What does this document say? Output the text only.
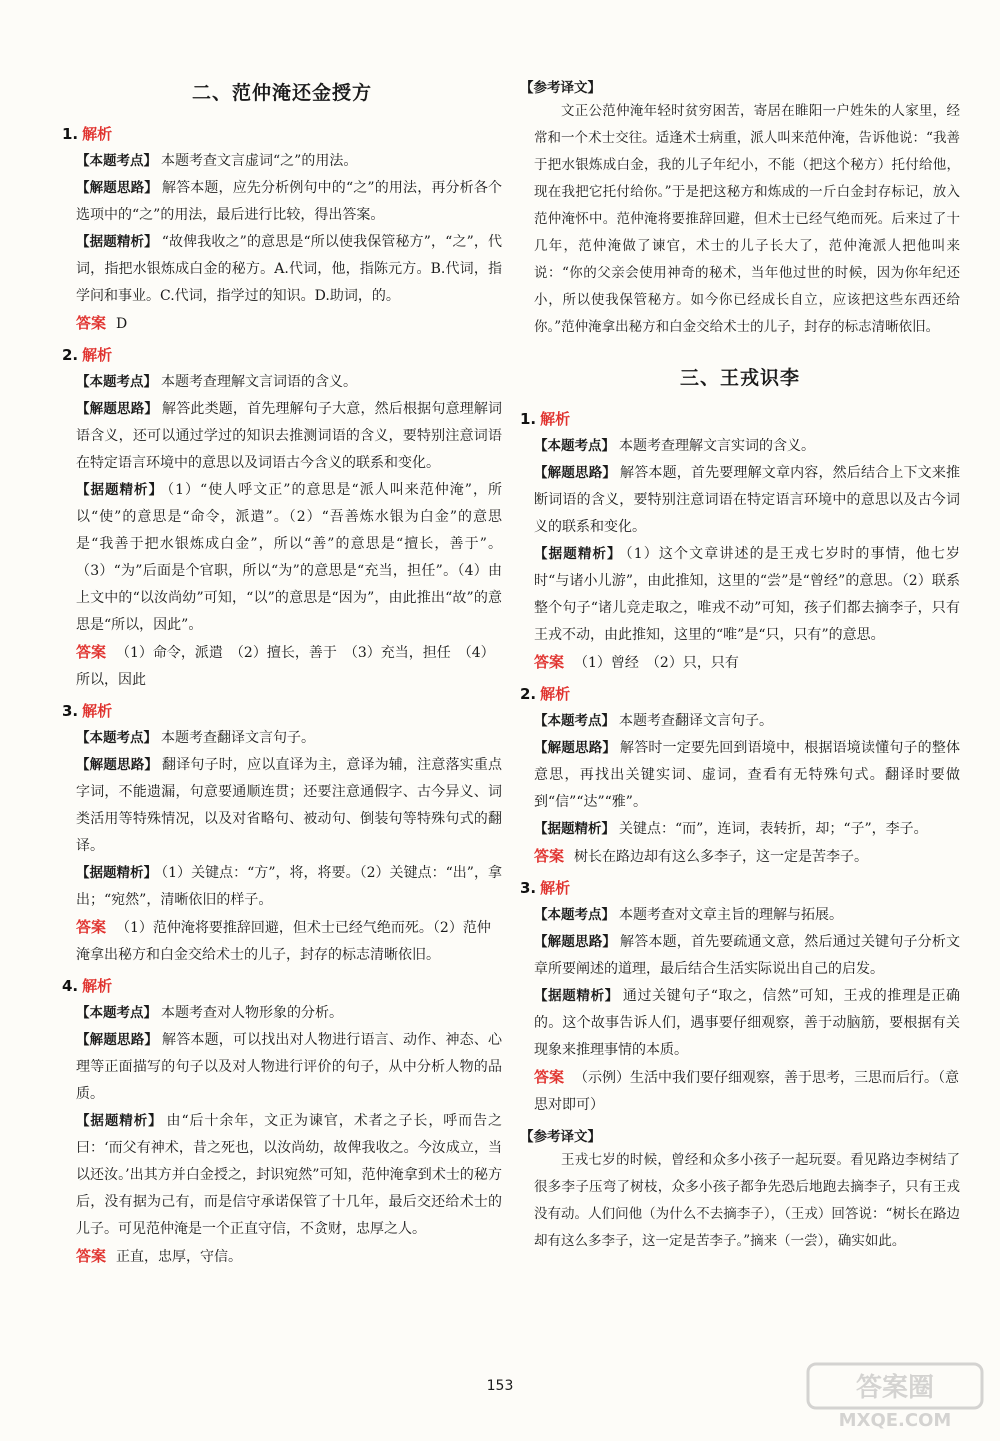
二、范仲淹还金授方
1. 解析
【本题考点】 本题考查文言虚词“之”的用法。
【解题思路】 解答本题，应先分析例句中的“之”的用法，再分析各个选项中的“之”的用法，最后进行比较，得出答案。
【据题精析】 “故俾我收之”的意思是“所以使我保管秘方”，“之”，代词，指把水银炼成白金的秘方。A.代词，他，指陈元方。B.代词，指学问和事业。C.代词，指学过的知识。D.助词，的。
答案 D
2. 解析
【本题考点】 本题考查理解文言词语的含义。
【解题思路】 解答此类题，首先理解句子大意，然后根据句意理解词语含义，还可以通过学过的知识去推测词语的含义，要特别注意词语在特定语言环境中的意思以及词语古今含义的联系和变化。
【据题精析】 （1）“使人呼文正”的意思是“派人叫来范仲淹”，所以“使”的意思是“命令，派遣”。（2）“吾善炼水银为白金”的意思是“我善于把水银炼成白金”，所以“善”的意思是“擅长，善于”。（3）“为”后面是个官职，所以“为”的意思是“充当，担任”。（4）由上文中的“以汝尚幼”可知，“以”的意思是“因为”，由此推出“故”的意思是“所以，因此”。
答案 （1）命令，派遣　（2）擅长，善于　（3）充当，担任　（4）所以，因此
3. 解析
【本题考点】 本题考查翻译文言句子。
【解题思路】 翻译句子时，应以直译为主，意译为辅，注意落实重点字词，不能遗漏，句意要通顺连贯；还要注意通假字、古今异义、词类活用等特殊情况，以及对省略句、被动句、倒装句等特殊句式的翻译。
【据题精析】 （1）关键点：“方”，将，将要。（2）关键点：“出”，拿出；“宛然”，清晰依旧的样子。
答案 （1）范仲淹将要推辞回避，但术士已经气绝而死。（2）范仲淹拿出秘方和白金交给术士的儿子，封存的标志清晰依旧。
4. 解析
【本题考点】 本题考查对人物形象的分析。
【解题思路】 解答本题，可以找出对人物进行语言、动作、神态、心理等正面描写的句子以及对人物进行评价的句子，从中分析人物的品质。
【据题精析】 由“后十余年，文正为谏官，术者之子长，呼而告之曰：‘而父有神术，昔之死也，以汝尚幼，故俾我收之。今汝成立，当以还汝。’出其方并白金授之，封识宛然”可知，范仲淹拿到术士的秘方后，没有据为己有，而是信守承诺保管了十几年，最后交还给术士的儿子。可见范仲淹是一个正直守信，不贪财，忠厚之人。
答案 正直，忠厚，守信。
【参考译文】
文正公范仲淹年轻时贫穷困苦，寄居在睢阳一户姓朱的人家里，经常和一个术士交往。适逢术士病重，派人叫来范仲淹，告诉他说：“我善于把水银炼成白金，我的儿子年纪小，不能（把这个秘方）托付给他，现在我把它托付给你。”于是把这秘方和炼成的一斤白金封存标记，放入范仲淹怀中。范仲淹将要推辞回避，但术士已经气绝而死。后来过了十几年，范仲淹做了谏官，术士的儿子长大了，范仲淹派人把他叫来说：“你的父亲会使用神奇的秘术，当年他过世的时候，因为你年纪还小，所以使我保管秘方。如今你已经成长自立，应该把这些东西还给你。”范仲淹拿出秘方和白金交给术士的儿子，封存的标志清晰依旧。
三、王戎识李
1. 解析
【本题考点】 本题考查理解文言实词的含义。
【解题思路】 解答本题，首先要理解文章内容，然后结合上下文来推断词语的含义，要特别注意词语在特定语言环境中的意思以及古今词义的联系和变化。
【据题精析】 （1）这个文章讲述的是王戎七岁时的事情，他七岁时“与诸小儿游”，由此推知，这里的“尝”是“曾经”的意思。（2）联系整个句子“诸儿竞走取之，唯戎不动”可知，孩子们都去摘李子，只有王戎不动，由此推知，这里的“唯”是“只，只有”的意思。
答案 （1）曾经　（2）只，只有
2. 解析
【本题考点】 本题考查翻译文言句子。
【解题思路】 解答时一定要先回到语境中，根据语境读懂句子的整体意思，再找出关键实词、虚词，查看有无特殊句式。翻译时要做到“信”“达”“雅”。
【据题精析】 关键点：“而”，连词，表转折，却；“子”，李子。
答案 树长在路边却有这么多李子，这一定是苦李子。
3. 解析
【本题考点】 本题考查对文章主旨的理解与拓展。
【解题思路】 解答本题，首先要疏通文意，然后通过关键句子分析文章所要阐述的道理，最后结合生活实际说出自己的启发。
【据题精析】 通过关键句子“取之，信然”可知，王戎的推理是正确的。这个故事告诉人们，遇事要仔细观察，善于动脑筋，要根据有关现象来推理事情的本质。
答案 （示例）生活中我们要仔细观察，善于思考，三思而后行。（意思对即可）
【参考译文】
王戎七岁的时候，曾经和众多小孩子一起玩耍。看见路边李树结了很多李子压弯了树枝，众多小孩子都争先恐后地跑去摘李子，只有王戎没有动。人们问他（为什么不去摘李子），（王戎）回答说：“树长在路边却有这么多李子，这一定是苦李子。”摘来（一尝），确实如此。
153	答案圈
MXQE.COM
